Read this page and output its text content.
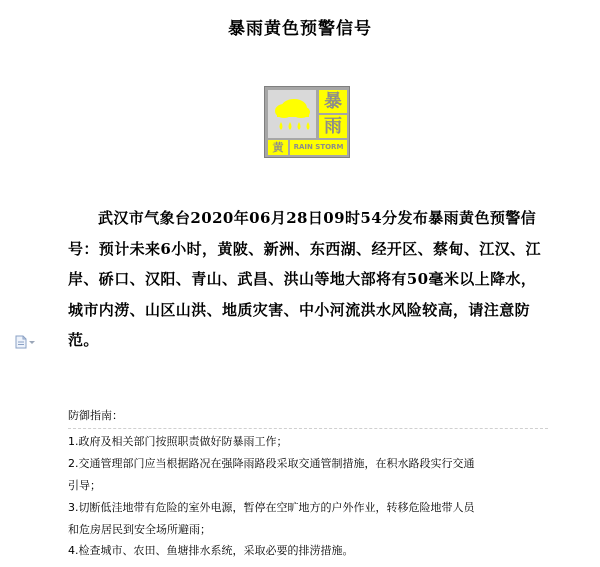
暴雨黄色预警信号
暴
雨
黄	RAIN STORM
武汉市气象台2020年06月28日09时54分发布暴雨黄色预警信号：预计未来6小时，黄陂、新洲、东西湖、经开区、蔡甸、江汉、江岸、硚口、汉阳、青山、武昌、洪山等地大部将有50毫米以上降水，城市内涝、山区山洪、地质灾害、中小河流洪水风险较高，请注意防范。
防御指南：
1.政府及相关部门按照职责做好防暴雨工作；
2.交通管理部门应当根据路况在强降雨路段采取交通管制措施，在积水路段实行交通
引导；
3.切断低洼地带有危险的室外电源，暂停在空旷地方的户外作业，转移危险地带人员
和危房居民到安全场所避雨；
4.检查城市、农田、鱼塘排水系统，采取必要的排涝措施。
